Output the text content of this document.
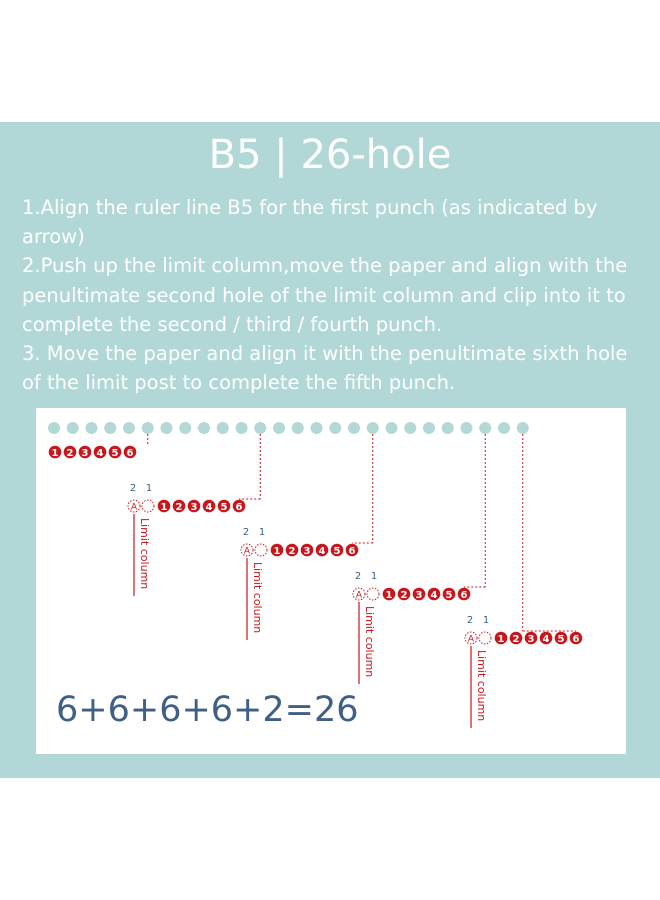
B5 | 26-hole

1.Align the ruler line B5 for the first punch (as indicated by arrow)

2.Push up the limit column,move the paper and align with the penultimate second hole of the limit column and clip into it to complete the second / third / fourth punch.

3. Move the paper and align it with the penultimate sixth hole of the limit post to complete the fifth punch.

1 2 3 4 5 6
2 1
A 1 2 3 4 5 6
Limit column	2 1
A 1 2 3 4 5 6
Limit column	2 1
A 1 2 3 4 5 6
Limit column	2 1
A 1 2 3 4 5 6
Limit column
6+6+6+6+2=26
